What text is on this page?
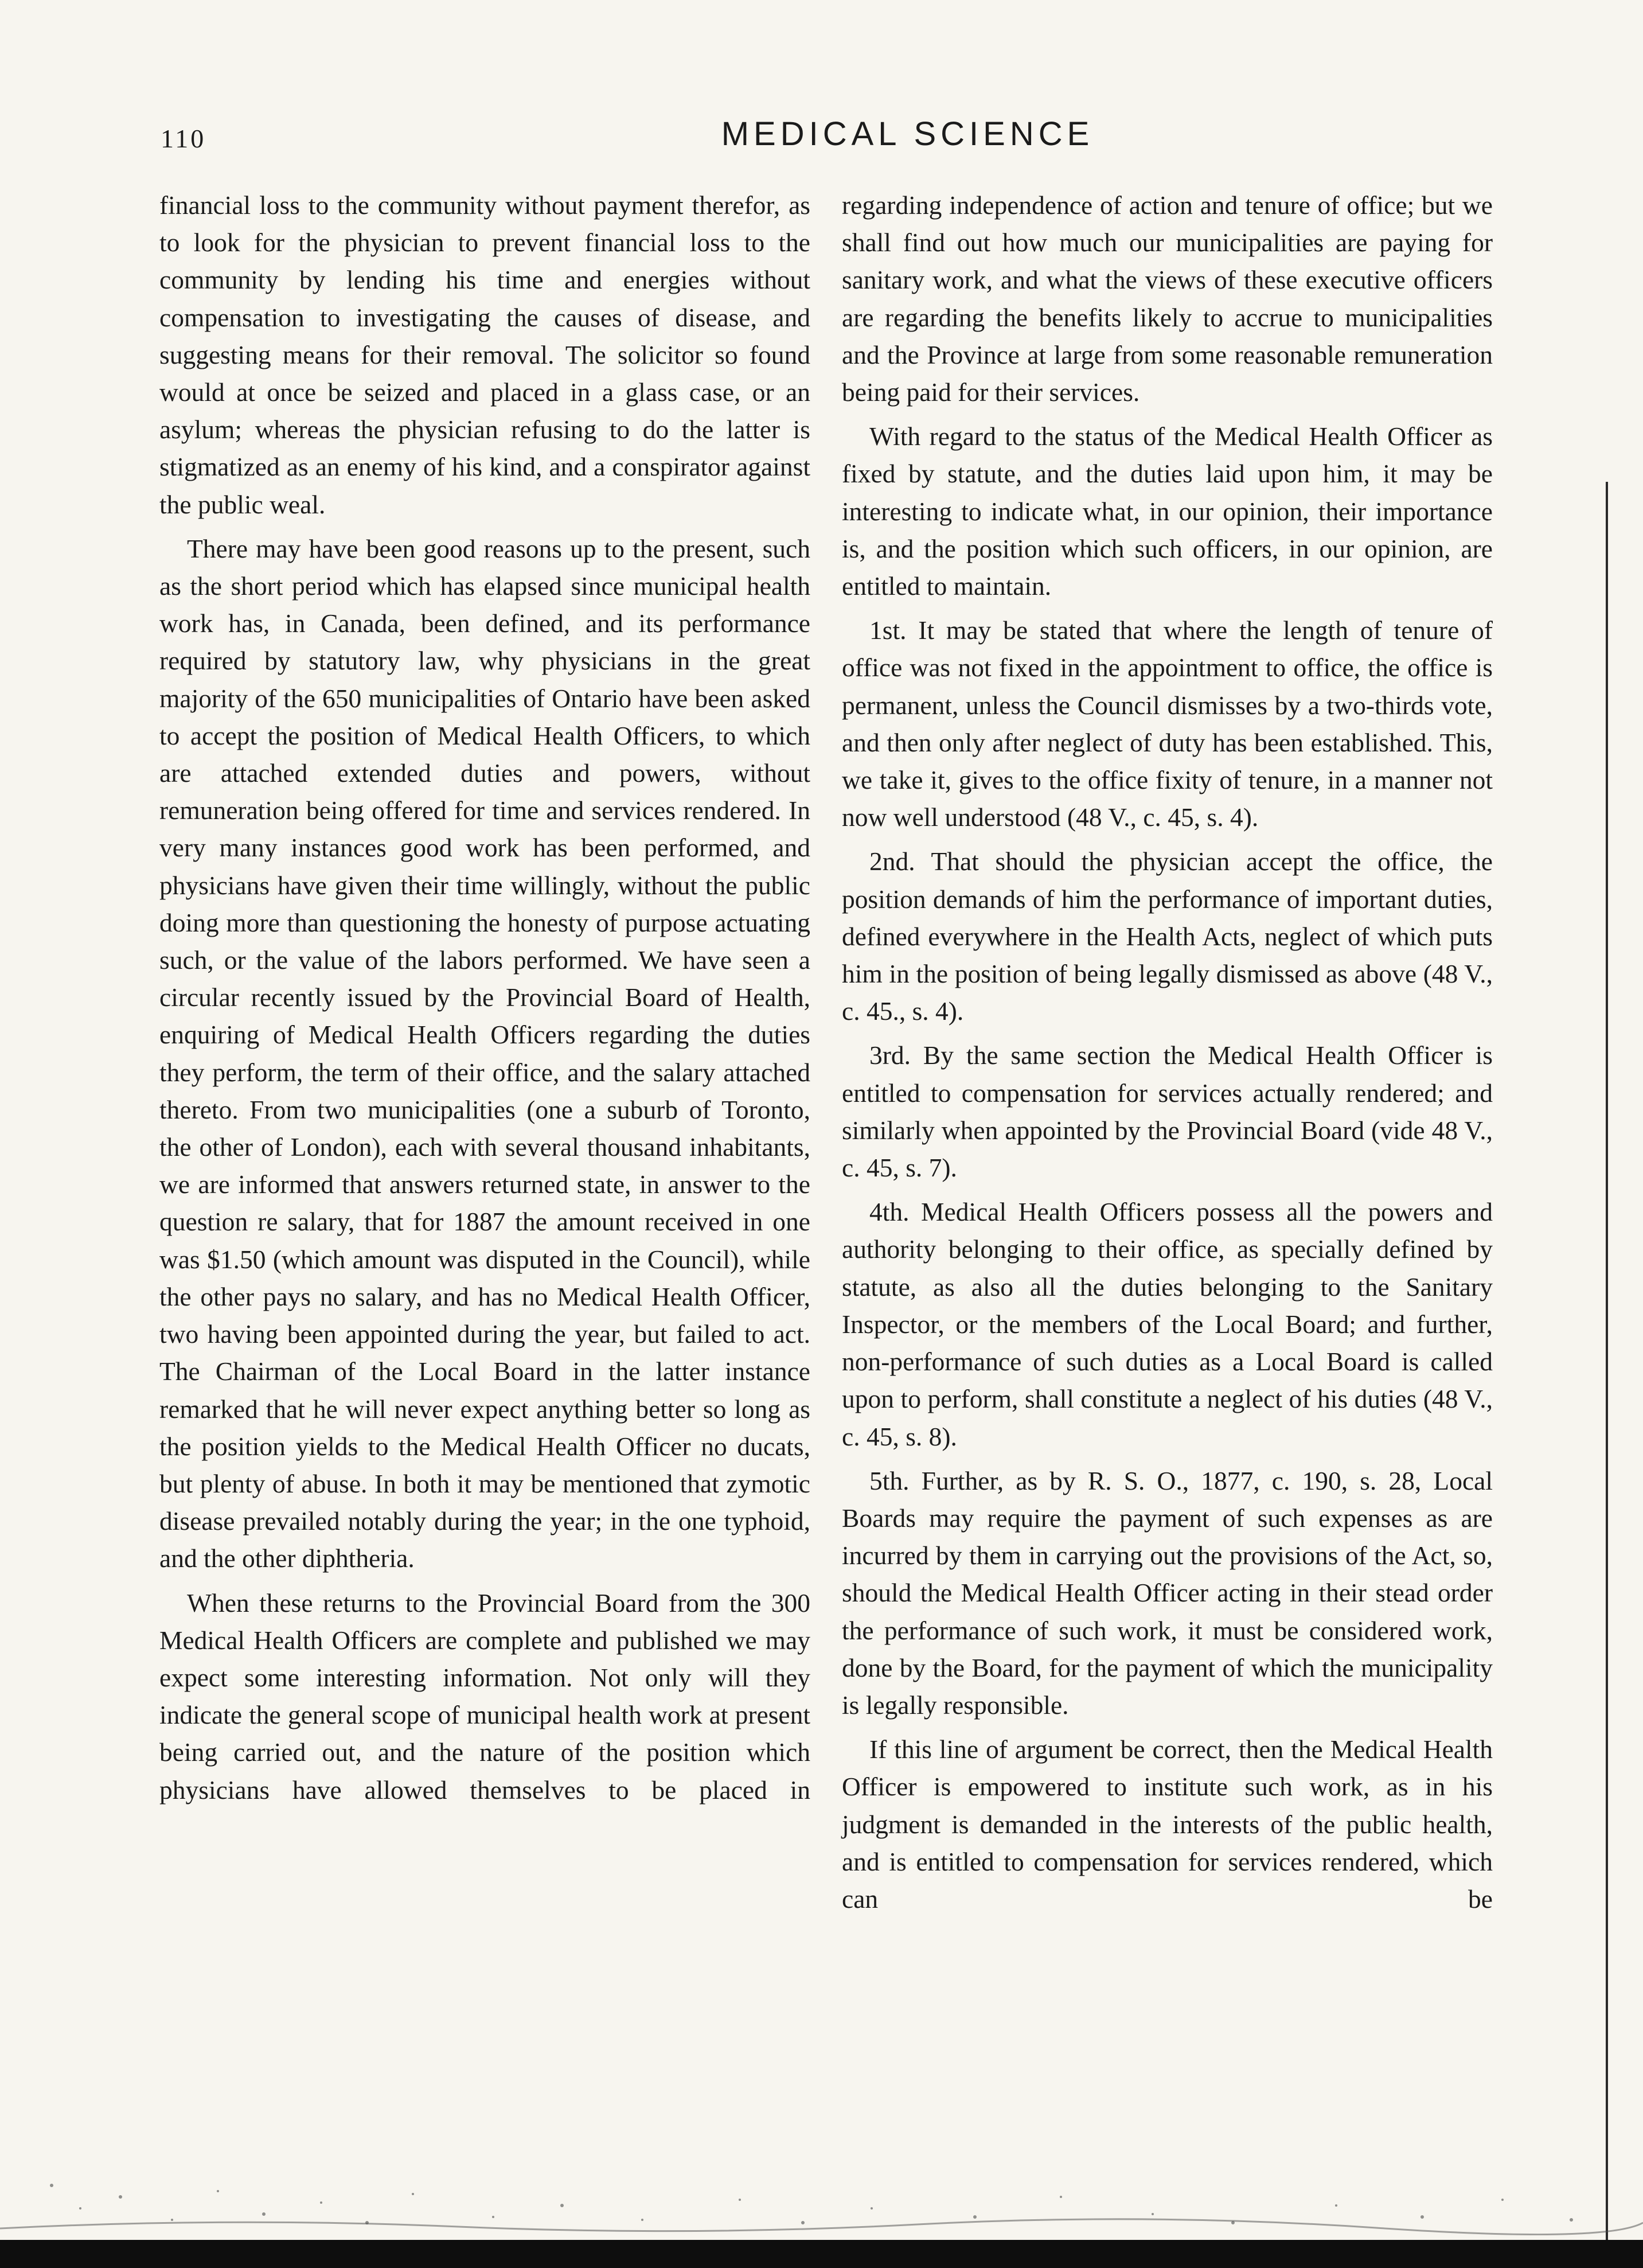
110	MEDICAL SCIENCE

financial loss to the community without payment therefor, as to look for the physician to prevent financial loss to the community by lending his time and energies without compensation to investigating the causes of disease, and suggesting means for their removal. The solicitor so found would at once be seized and placed in a glass case, or an asylum; whereas the physician refusing to do the latter is stigmatized as an enemy of his kind, and a conspirator against the public weal.

There may have been good reasons up to the present, such as the short period which has elapsed since municipal health work has, in Canada, been defined, and its performance required by statutory law, why physicians in the great majority of the 650 municipalities of Ontario have been asked to accept the position of Medical Health Officers, to which are attached extended duties and powers, without remuneration being offered for time and services rendered. In very many instances good work has been performed, and physicians have given their time willingly, without the public doing more than questioning the honesty of purpose actuating such, or the value of the labors performed. We have seen a circular recently issued by the Provincial Board of Health, enquiring of Medical Health Officers regarding the duties they perform, the term of their office, and the salary attached thereto. From two municipalities (one a suburb of Toronto, the other of London), each with several thousand inhabitants, we are informed that answers returned state, in answer to the question re salary, that for 1887 the amount received in one was $1.50 (which amount was disputed in the Council), while the other pays no salary, and has no Medical Health Officer, two having been appointed during the year, but failed to act. The Chairman of the Local Board in the latter instance remarked that he will never expect anything better so long as the position yields to the Medical Health Officer no ducats, but plenty of abuse. In both it may be mentioned that zymotic disease prevailed notably during the year; in the one typhoid, and the other diphtheria.

When these returns to the Provincial Board from the 300 Medical Health Officers are complete and published we may expect some interesting information. Not only will they indicate the general scope of municipal health work at present being carried out, and the nature of the position which physicians have allowed themselves to be placed in

regarding independence of action and tenure of office; but we shall find out how much our municipalities are paying for sanitary work, and what the views of these executive officers are regarding the benefits likely to accrue to municipalities and the Province at large from some reasonable remuneration being paid for their services.

With regard to the status of the Medical Health Officer as fixed by statute, and the duties laid upon him, it may be interesting to indicate what, in our opinion, their importance is, and the position which such officers, in our opinion, are entitled to maintain.

1st. It may be stated that where the length of tenure of office was not fixed in the appointment to office, the office is permanent, unless the Council dismisses by a two-thirds vote, and then only after neglect of duty has been established. This, we take it, gives to the office fixity of tenure, in a manner not now well understood (48 V., c. 45, s. 4).

2nd. That should the physician accept the office, the position demands of him the performance of important duties, defined everywhere in the Health Acts, neglect of which puts him in the position of being legally dismissed as above (48 V., c. 45., s. 4).

3rd. By the same section the Medical Health Officer is entitled to compensation for services actually rendered; and similarly when appointed by the Provincial Board (vide 48 V., c. 45, s. 7).

4th. Medical Health Officers possess all the powers and authority belonging to their office, as specially defined by statute, as also all the duties belonging to the Sanitary Inspector, or the members of the Local Board; and further, non-performance of such duties as a Local Board is called upon to perform, shall constitute a neglect of his duties (48 V., c. 45, s. 8).

5th. Further, as by R. S. O., 1877, c. 190, s. 28, Local Boards may require the payment of such expenses as are incurred by them in carrying out the provisions of the Act, so, should the Medical Health Officer acting in their stead order the performance of such work, it must be considered work, done by the Board, for the payment of which the municipality is legally responsible.

If this line of argument be correct, then the Medical Health Officer is empowered to institute such work, as in his judgment is demanded in the interests of the public health, and is entitled to compensation for services rendered, which can be
